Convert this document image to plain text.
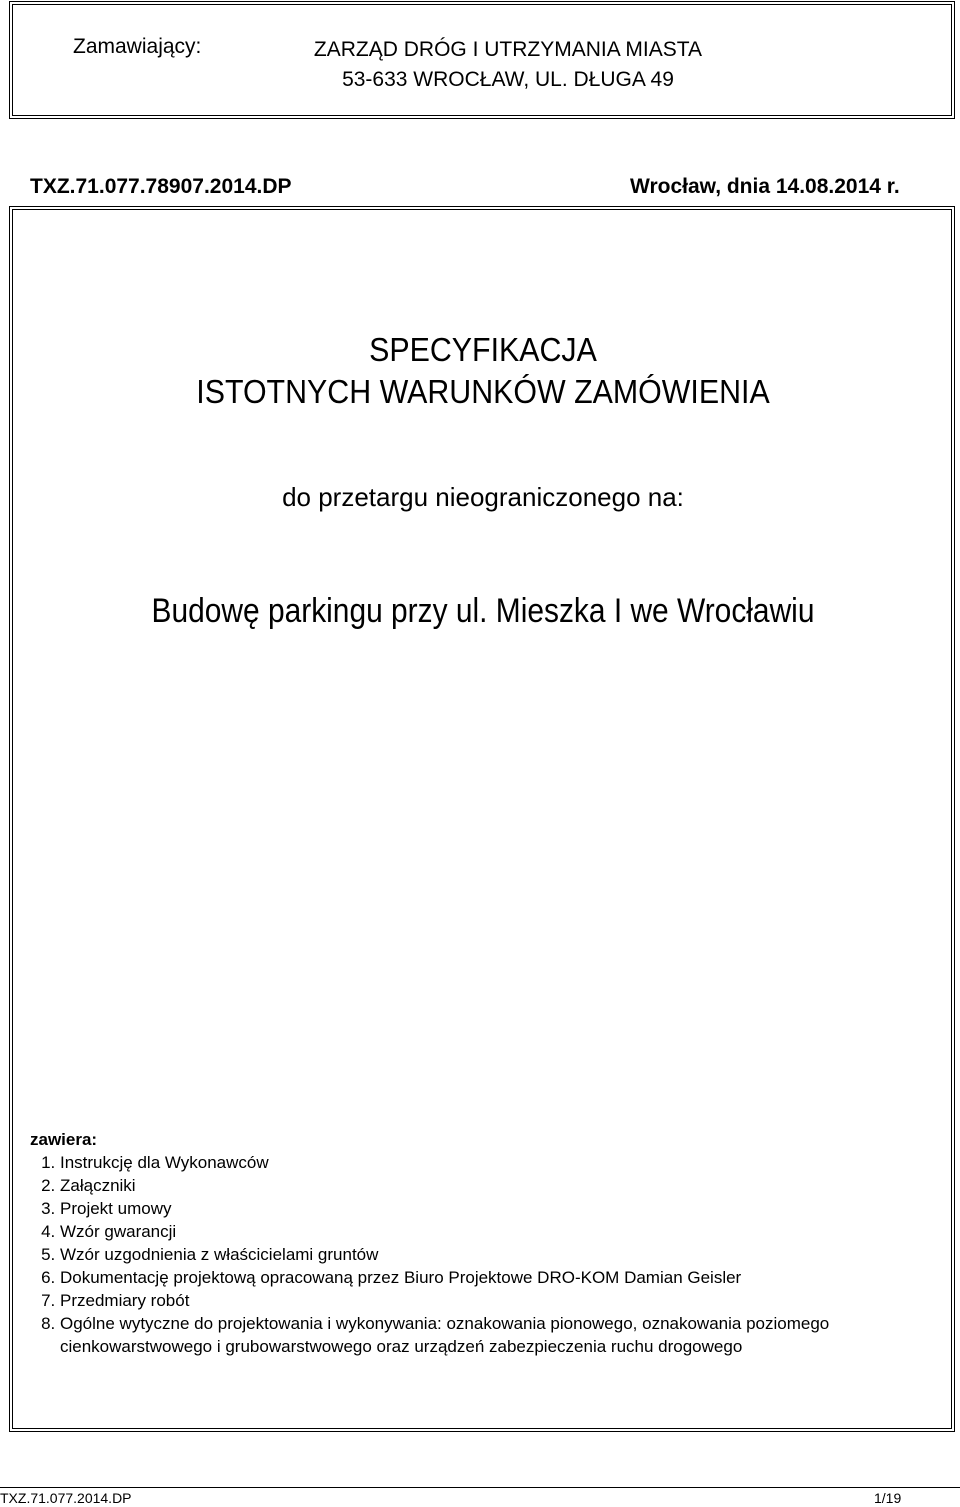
Zamawiający:	ZARZĄD DRÓG I UTRZYMANIA MIASTA
53-633 WROCŁAW, UL. DŁUGA 49
TXZ.71.077.78907.2014.DP	Wrocław, dnia 14.08.2014 r.
SPECYFIKACJA
ISTOTNYCH WARUNKÓW ZAMÓWIENIA
do przetargu nieograniczonego na:
Budowę parkingu przy ul. Mieszka I we Wrocławiu
zawiera:
1. Instrukcję dla Wykonawców
2. Załączniki
3. Projekt umowy
4. Wzór gwarancji
5. Wzór uzgodnienia z właścicielami gruntów
6. Dokumentację projektową opracowaną przez Biuro Projektowe DRO-KOM Damian Geisler
7. Przedmiary robót
8. Ogólne wytyczne do projektowania i wykonywania: oznakowania pionowego, oznakowania poziomego cienkowarstwowego i grubowarstwowego oraz urządzeń zabezpieczenia ruchu drogowego
TXZ.71.077.2014.DP	1/19
